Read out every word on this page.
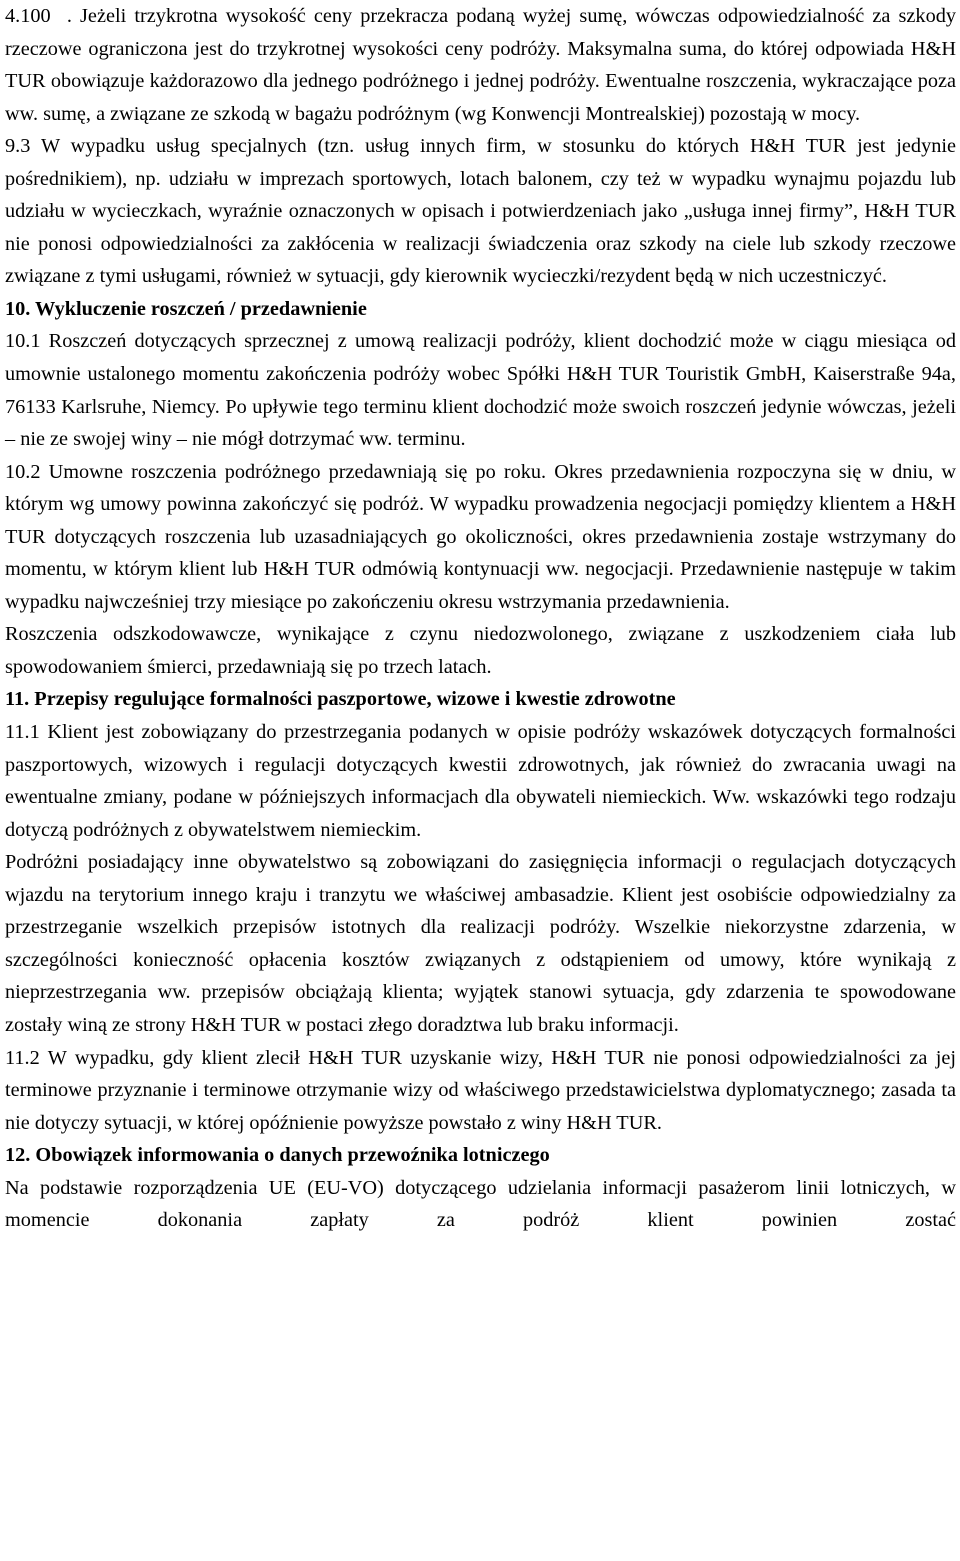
4.100  . Jeżeli trzykrotna wysokość ceny przekracza podaną wyżej sumę, wówczas odpowiedzialność za szkody rzeczowe ograniczona jest do trzykrotnej wysokości ceny podróży. Maksymalna suma, do której odpowiada H&H TUR obowiązuje każdorazowo dla jednego podróżnego i jednej podróży. Ewentualne roszczenia, wykraczające poza ww. sumę, a związane ze szkodą w bagażu podróżnym (wg Konwencji Montrealskiej) pozostają w mocy.

9.3 W wypadku usług specjalnych (tzn. usług innych firm, w stosunku do których H&H TUR jest jedynie pośrednikiem), np. udziału w imprezach sportowych, lotach balonem, czy też w wypadku wynajmu pojazdu lub udziału w wycieczkach, wyraźnie oznaczonych w opisach i potwierdzeniach jako „usługa innej firmy”, H&H TUR nie ponosi odpowiedzialności za zakłócenia w realizacji świadczenia oraz szkody na ciele lub szkody rzeczowe związane z tymi usługami, również w sytuacji, gdy kierownik wycieczki/rezydent będą w nich uczestniczyć.

10. Wykluczenie roszczeń / przedawnienie

10.1 Roszczeń dotyczących sprzecznej z umową realizacji podróży, klient dochodzić może w ciągu miesiąca od umownie ustalonego momentu zakończenia podróży wobec Spółki H&H TUR Touristik GmbH, Kaiserstraße 94a, 76133 Karlsruhe, Niemcy. Po upływie tego terminu klient dochodzić może swoich roszczeń jedynie wówczas, jeżeli – nie ze swojej winy – nie mógł dotrzymać ww. terminu.

10.2 Umowne roszczenia podróżnego przedawniają się po roku. Okres przedawnienia rozpoczyna się w dniu, w którym wg umowy powinna zakończyć się podróż. W wypadku prowadzenia negocjacji pomiędzy klientem a H&H TUR dotyczących roszczenia lub uzasadniających go okoliczności, okres przedawnienia zostaje wstrzymany do momentu, w którym klient lub H&H TUR odmówią kontynuacji ww. negocjacji. Przedawnienie następuje w takim wypadku najwcześniej trzy miesiące po zakończeniu okresu wstrzymania przedawnienia.

Roszczenia odszkodowawcze, wynikające z czynu niedozwolonego, związane z uszkodzeniem ciała lub spowodowaniem śmierci, przedawniają się po trzech latach.

11. Przepisy regulujące formalności paszportowe, wizowe i kwestie zdrowotne

11.1 Klient jest zobowiązany do przestrzegania podanych w opisie podróży wskazówek dotyczących formalności paszportowych, wizowych i regulacji dotyczących kwestii zdrowotnych, jak również do zwracania uwagi na ewentualne zmiany, podane w późniejszych informacjach dla obywateli niemieckich. Ww. wskazówki tego rodzaju dotyczą podróżnych z obywatelstwem niemieckim.

Podróżni posiadający inne obywatelstwo są zobowiązani do zasięgnięcia informacji o regulacjach dotyczących wjazdu na terytorium innego kraju i tranzytu we właściwej ambasadzie. Klient jest osobiście odpowiedzialny za przestrzeganie wszelkich przepisów istotnych dla realizacji podróży. Wszelkie niekorzystne zdarzenia, w szczególności konieczność opłacenia kosztów związanych z odstąpieniem od umowy, które wynikają z nieprzestrzegania ww. przepisów obciążają klienta; wyjątek stanowi sytuacja, gdy zdarzenia te spowodowane zostały winą ze strony H&H TUR w postaci złego doradztwa lub braku informacji.

11.2 W wypadku, gdy klient zlecił H&H TUR uzyskanie wizy, H&H TUR nie ponosi odpowiedzialności za jej terminowe przyznanie i terminowe otrzymanie wizy od właściwego przedstawicielstwa dyplomatycznego; zasada ta nie dotyczy sytuacji, w której opóźnienie powyższe powstało z winy H&H TUR.

12. Obowiązek informowania o danych przewoźnika lotniczego

Na podstawie rozporządzenia UE (EU-VO) dotyczącego udzielania informacji pasażerom linii lotniczych, w momencie dokonania zapłaty za podróż klient powinien zostać
